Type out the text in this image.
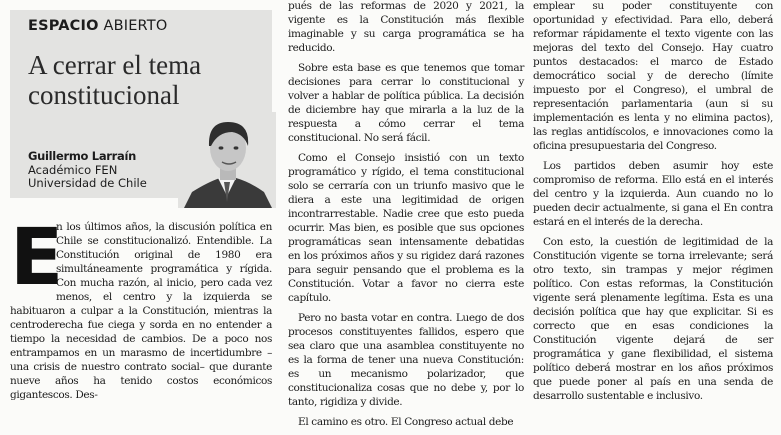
ESPACIO ABIERTO
A cerrar el tema constitucional
Guillermo Larraín
Académico FEN
Universidad de Chile
E

n los últimos años, la discusión política en Chile se constitucionalizó. Entendible. La Constitución original de 1980 era simultáneamente programática y rígida. Con mucha razón, al inicio, pero cada vez menos, el centro y la izquierda se habituaron a culpar a la Constitución, mientras la centroderecha fue ciega y sorda en no entender a tiempo la necesidad de cambios. De a poco nos entrampamos en un marasmo de incertidumbre –una crisis de nuestro contrato social– que durante nueve años ha tenido costos económicos gigantescos. Des-

pués de las reformas de 2020 y 2021, la vigente es la Constitución más flexible imaginable y su carga programática se ha reducido.

Sobre esta base es que tenemos que tomar decisiones para cerrar lo constitucional y volver a hablar de política pública. La decisión de diciembre hay que mirarla a la luz de la respuesta a cómo cerrar el tema constitucional. No será fácil.

Como el Consejo insistió con un texto programático y rígido, el tema constitucional solo se cerraría con un triunfo masivo que le diera a este una legitimidad de origen incontrarrestable. Nadie cree que esto pueda ocurrir. Mas bien, es posible que sus opciones programáticas sean intensamente debatidas en los próximos años y su rigidez dará razones para seguir pensando que el problema es la Constitución. Votar a favor no cierra este capítulo.

Pero no basta votar en contra. Luego de dos procesos constituyentes fallidos, espero que sea claro que una asamblea constituyente no es la forma de tener una nueva Constitución: es un mecanismo polarizador, que constitucionaliza cosas que no debe y, por lo tanto, rigidiza y divide.

El camino es otro. El Congreso actual debe

emplear su poder constituyente con oportunidad y efectividad. Para ello, deberá reformar rápidamente el texto vigente con las mejoras del texto del Consejo. Hay cuatro puntos destacados: el marco de Estado democrático social y de derecho (límite impuesto por el Congreso), el umbral de representación parlamentaria (aun si su implementación es lenta y no elimina pactos), las reglas antidíscolos, e innovaciones como la oficina presupuestaria del Congreso.

Los partidos deben asumir hoy este compromiso de reforma. Ello está en el interés del centro y la izquierda. Aun cuando no lo pueden decir actualmente, si gana el En contra estará en el interés de la derecha.

Con esto, la cuestión de legitimidad de la Constitución vigente se torna irrelevante; será otro texto, sin trampas y mejor régimen político. Con estas reformas, la Constitución vigente será plenamente legítima. Esta es una decisión política que hay que explicitar. Si es correcto que en esas condiciones la Constitución vigente dejará de ser programática y gane flexibilidad, el sistema político deberá mostrar en los años próximos que puede poner al país en una senda de desarrollo sustentable e inclusivo.
